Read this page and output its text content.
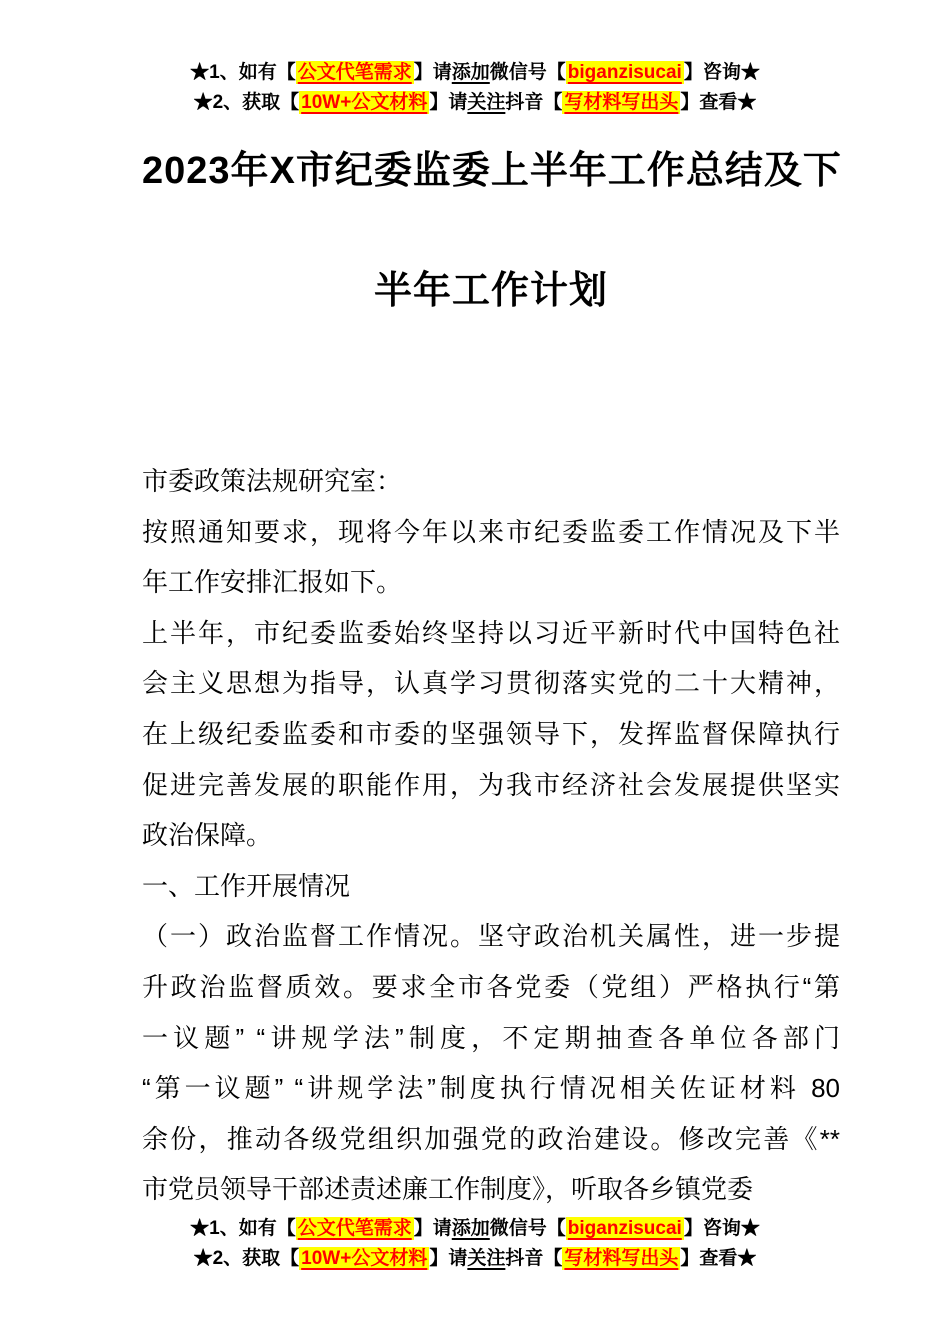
★1、如有【 公文代笔需求 】请添加微信号【 biganzisucai 】咨询★
★2、获取【 10W+公文材料 】请关注抖音【 写材料写出头 】查看★
2023年X市纪委监委上半年工作总结及下
半年工作计划
市委政策法规研究室：
按照通知要求，现将今年以来市纪委监委工作情况及下半
年工作安排汇报如下。
上半年，市纪委监委始终坚持以习近平新时代中国特色社
会主义思想为指导，认真学习贯彻落实党的二十大精神，
在上级纪委监委和市委的坚强领导下，发挥监督保障执行
促进完善发展的职能作用，为我市经济社会发展提供坚实
政治保障。
一、工作开展情况
（一）政治监督工作情况。坚守政治机关属性，进一步提
升政治监督质效。要求全市各党委（党组）严格执行“第
一议题” “讲规学法”制度，不定期抽查各单位各部门
“第一议题” “讲规学法”制度执行情况相关佐证材料 80
余份，推动各级党组织加强党的政治建设。修改完善《**
市党员领导干部述责述廉工作制度》，听取各乡镇党委
★1、如有【 公文代笔需求 】请添加微信号【 biganzisucai 】咨询★
★2、获取【 10W+公文材料 】请关注抖音【 写材料写出头 】查看★
